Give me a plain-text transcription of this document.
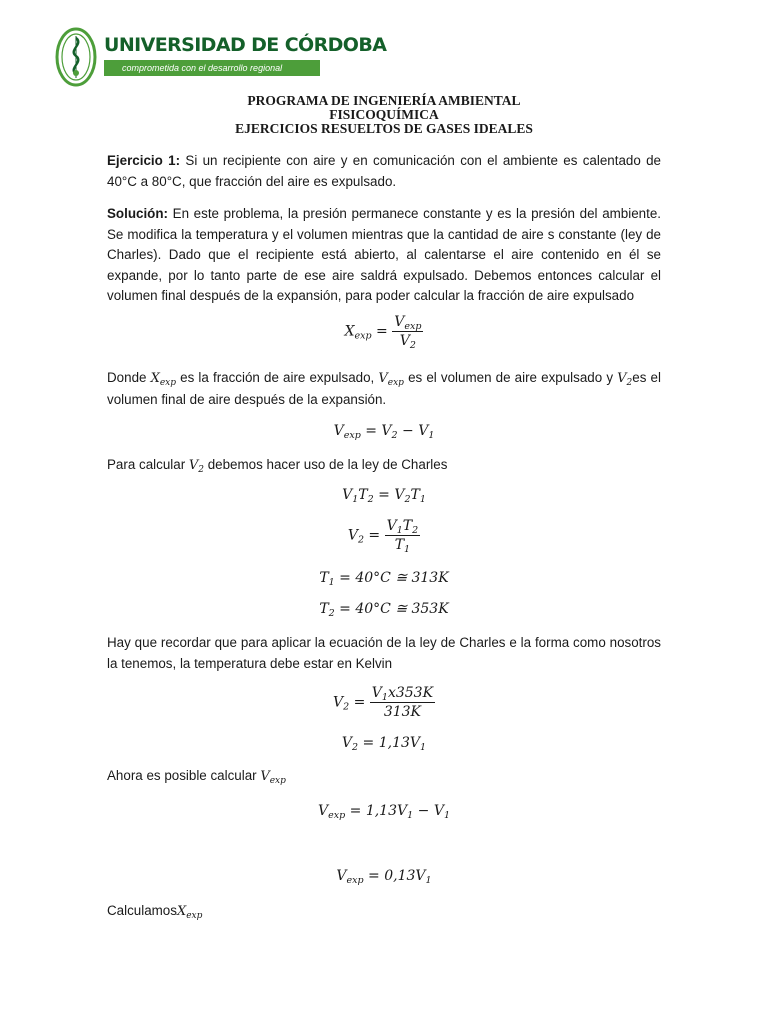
UNIVERSIDAD DE CÓRDOBA
comprometida con el desarrollo regional
PROGRAMA DE INGENIERÍA AMBIENTAL
FISICOQUÍMICA
EJERCICIOS RESUELTOS DE GASES IDEALES

Ejercicio 1: Si un recipiente con aire y en comunicación con el ambiente es calentado de 40°C a 80°C, que fracción del aire es expulsado.

Solución: En este problema, la presión permanece constante y es la presión del ambiente. Se modifica la temperatura y el volumen mientras que la cantidad de aire s constante (ley de Charles). Dado que el recipiente está abierto, al calentarse el aire contenido en él se expande, por lo tanto parte de ese aire saldrá expulsado. Debemos entonces calcular el volumen final después de la expansión, para poder calcular la fracción de aire expulsado

$X_{exp} = \frac{V_{exp}}{V_2}$

Donde $X_{exp}$ es la fracción de aire expulsado, $V_{exp}$ es el volumen de aire expulsado y $V_2es$ el volumen final de aire después de la expansión.

$V_{exp} = V_2 - V_1$

Para calcular $V_2$ debemos hacer uso de la ley de Charles

$V_1T_2 = V_2T_1$
$V_2 = \frac{V_1T_2}{T_1}$
$T_1 = 40^\circ C$ ≅ 313K
$T_2 = 40^\circ C$ ≅ 353K

Hay que recordar que para aplicar la ecuación de la ley de Charles e la forma como nosotros la tenemos, la temperatura debe estar en Kelvin

$V_2 = \frac{V_1x353K}{313K}$
$V_2 = 1,13V_1$

Ahora es posible calcular $V_{exp}$

$V_{exp} = 1,13V_1 - V_1$
$V_{exp} = 0,13V_1$

CalculamosX$_{exp}$
